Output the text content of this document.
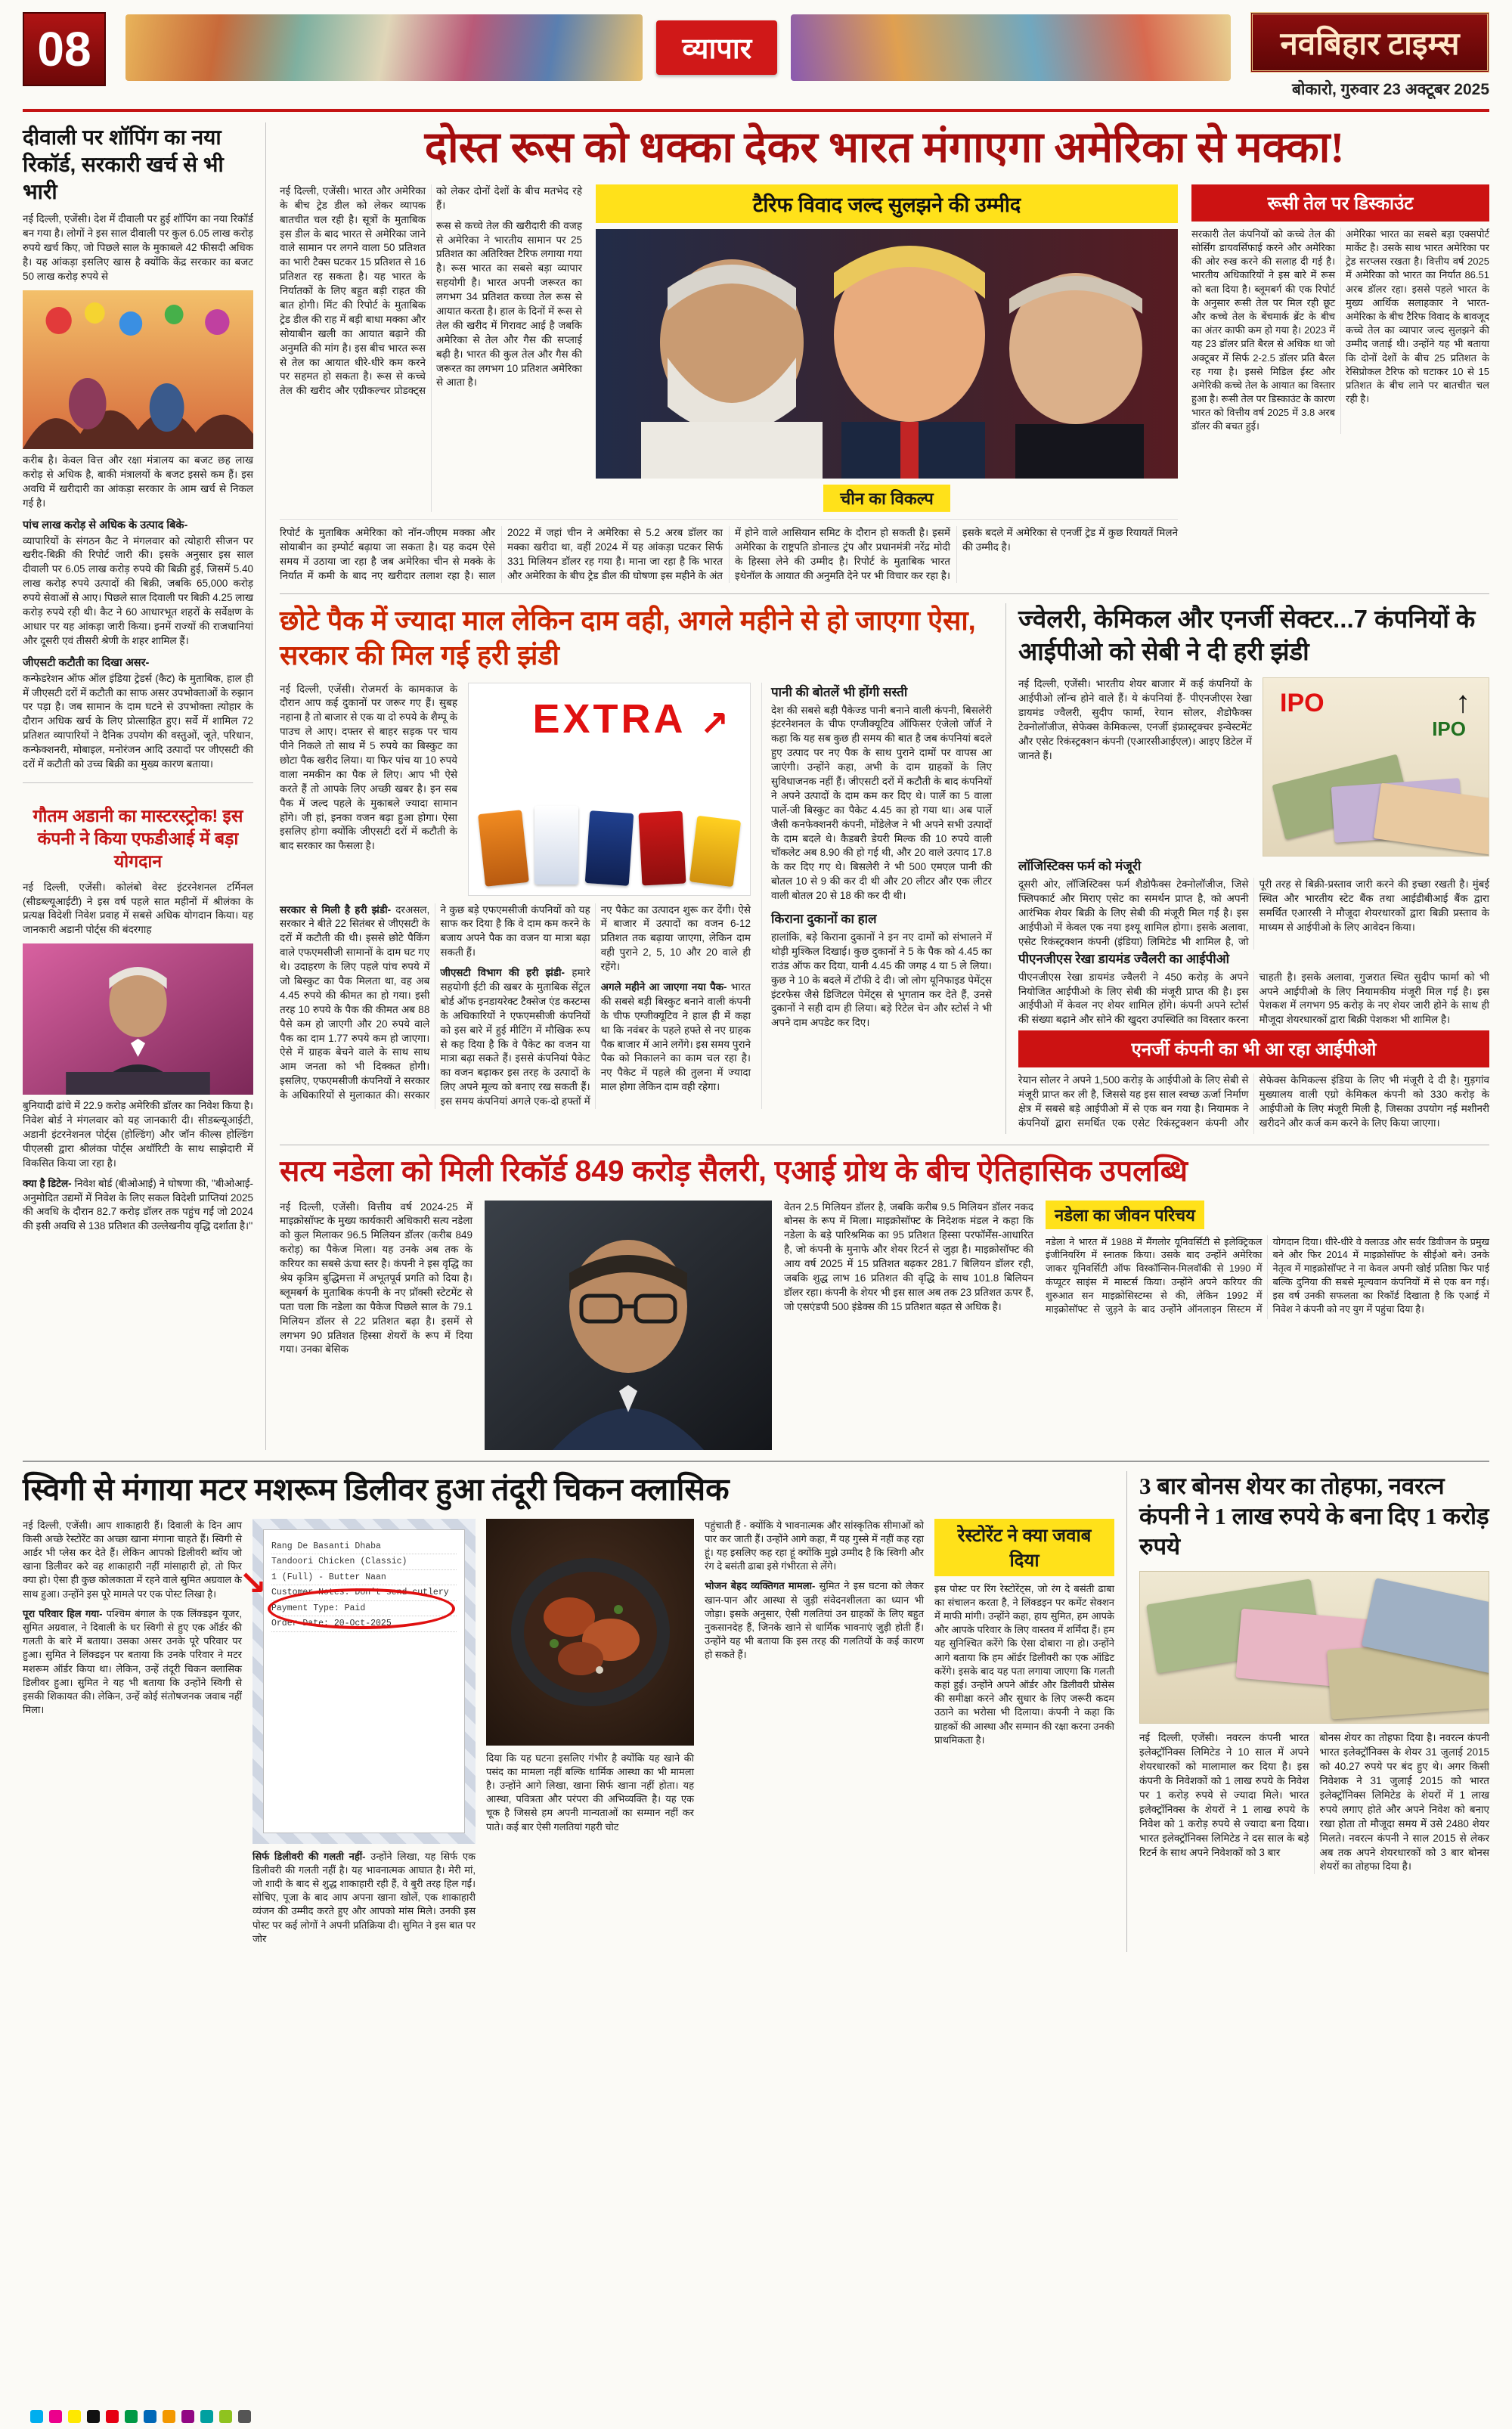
08	व्यापार	नवबिहार टाइम्स
बोकारो, गुरुवार 23 अक्टूबर 2025
दीवाली पर शॉपिंग का नया रिकॉर्ड, सरकारी खर्च से भी भारी

नई दिल्ली, एजेंसी। देश में दीवाली पर हुई शॉपिंग का नया रिकॉर्ड बन गया है। लोगों ने इस साल दीवाली पर कुल 6.05 लाख करोड़ रुपये खर्च किए, जो पिछले साल के मुकाबले 42 फीसदी अधिक है। यह आंकड़ा इसलिए खास है क्योंकि केंद्र सरकार का बजट 50 लाख करोड़ रुपये से

करीब है। केवल वित्त और रक्षा मंत्रालय का बजट छह लाख करोड़ से अधिक है, बाकी मंत्रालयों के बजट इससे कम हैं। इस अवधि में खरीदारी का आंकड़ा सरकार के आम खर्च से निकल गई है।

पांच लाख करोड़ से अधिक के उत्पाद बिके-

व्यापारियों के संगठन कैट ने मंगलवार को त्योहारी सीजन पर खरीद-बिक्री की रिपोर्ट जारी की। इसके अनुसार इस साल दीवाली पर 6.05 लाख करोड़ रुपये की बिक्री हुई, जिसमें 5.40 लाख करोड़ रुपये उत्पादों की बिक्री, जबकि 65,000 करोड़ रुपये सेवाओं से आए। पिछले साल दिवाली पर बिक्री 4.25 लाख करोड़ रुपये रही थी। कैट ने 60 आधारभूत शहरों के सर्वेक्षण के आधार पर यह आंकड़ा जारी किया। इनमें राज्यों की राजधानियां और दूसरी एवं तीसरी श्रेणी के शहर शामिल हैं।

जीएसटी कटौती का दिखा असर-

कन्फेडरेशन ऑफ ऑल इंडिया ट्रेडर्स (कैट) के मुताबिक, हाल ही में जीएसटी दरों में कटौती का साफ असर उपभोक्ताओं के रुझान पर पड़ा है। जब सामान के दाम घटने से उपभोक्ता त्योहार के दौरान अधिक खर्च के लिए प्रोत्साहित हुए। सर्वे में शामिल 72 प्रतिशत व्यापारियों ने दैनिक उपयोग की वस्तुओं, जूते, परिधान, कन्फेक्शनरी, मोबाइल, मनोरंजन आदि उत्पादों पर जीएसटी की दरों में कटौती को उच्च बिक्री का मुख्य कारण बताया।

गौतम अडानी का मास्टरस्ट्रोक! इस कंपनी ने किया एफडीआई में बड़ा योगदान

नई दिल्ली, एजेंसी। कोलंबो वेस्ट इंटरनेशनल टर्मिनल (सीडब्ल्यूआईटी) ने इस वर्ष पहले सात महीनों में श्रीलंका के प्रत्यक्ष विदेशी निवेश प्रवाह में सबसे अधिक योगदान किया। यह जानकारी अडानी पोर्ट्स की बंदरगाह

बुनियादी ढांचे में 22.9 करोड़ अमेरिकी डॉलर का निवेश किया है। निवेश बोर्ड ने मंगलवार को यह जानकारी दी। सीडब्ल्यूआईटी, अडानी इंटरनेशनल पोर्ट्स (होल्डिंग) और जॉन कील्स होल्डिंग पीएलसी द्वारा श्रीलंका पोर्ट्स अथॉरिटी के साथ साझेदारी में विकसित किया जा रहा है।

क्या है डिटेल- निवेश बोर्ड (बीओआई) ने घोषणा की, ''बीओआई-अनुमोदित उद्यमों में निवेश के लिए सकल विदेशी प्राप्तियां 2025 की अवधि के दौरान 82.7 करोड़ डॉलर तक पहुंच गईं जो 2024 की इसी अवधि से 138 प्रतिशत की उल्लेखनीय वृद्धि दर्शाता है।''

दोस्त रूस को धक्का देकर भारत मंगाएगा अमेरिका से मक्का!

नई दिल्ली, एजेंसी। भारत और अमेरिका के बीच ट्रेड डील को लेकर व्यापक बातचीत चल रही है। सूत्रों के मुताबिक इस डील के बाद भारत से अमेरिका जाने वाले सामान पर लगने वाला 50 प्रतिशत का भारी टैक्स घटकर 15 प्रतिशत से 16 प्रतिशत रह सकता है। यह भारत के निर्यातकों के लिए बहुत बड़ी राहत की बात होगी। मिंट की रिपोर्ट के मुताबिक ट्रेड डील की राह में बड़ी बाधा मक्का और सोयाबीन खली का आयात बढ़ाने की अनुमति की मांग है। इस बीच भारत रूस से तेल का आयात धीरे-धीरे कम करने पर सहमत हो सकता है। रूस से कच्चे तेल की खरीद और एग्रीकल्चर प्रोडक्ट्स को लेकर दोनों देशों के बीच मतभेद रहे हैं।

रूस से कच्चे तेल की खरीदारी की वजह से अमेरिका ने भारतीय सामान पर 25 प्रतिशत का अतिरिक्त टैरिफ लगाया गया है। रूस भारत का सबसे बड़ा व्यापार सहयोगी है। भारत अपनी जरूरत का लगभग 34 प्रतिशत कच्चा तेल रूस से आयात करता है। हाल के दिनों में रूस से तेल की खरीद में गिरावट आई है जबकि अमेरिका से तेल और गैस की सप्लाई बढ़ी है। भारत की कुल तेल और गैस की जरूरत का लगभग 10 प्रतिशत अमेरिका से आता है।

टैरिफ विवाद जल्द सुलझने की उम्मीद
चीन का विकल्प
रूसी तेल पर डिस्काउंट

सरकारी तेल कंपनियों को कच्चे तेल की सोर्सिंग डायवर्सिफाई करने और अमेरिका की ओर रुख करने की सलाह दी गई है। भारतीय अधिकारियों ने इस बारे में रूस को बता दिया है। ब्लूमबर्ग की एक रिपोर्ट के अनुसार रूसी तेल पर मिल रही छूट और कच्चे तेल के बेंचमार्क ब्रेंट के बीच का अंतर काफी कम हो गया है। 2023 में यह 23 डॉलर प्रति बैरल से अधिक था जो अक्टूबर में सिर्फ 2-2.5 डॉलर प्रति बैरल रह गया है। इससे मिडिल ईस्ट और अमेरिकी कच्चे तेल के आयात का विस्तार हुआ है। रूसी तेल पर डिस्काउंट के कारण भारत को वित्तीय वर्ष 2025 में 3.8 अरब डॉलर की बचत हुई।

अमेरिका भारत का सबसे बड़ा एक्सपोर्ट मार्केट है। उसके साथ भारत अमेरिका पर ट्रेड सरप्लस रखता है। वित्तीय वर्ष 2025 में अमेरिका को भारत का निर्यात 86.51 अरब डॉलर रहा। इससे पहले भारत के मुख्य आर्थिक सलाहकार ने भारत-अमेरिका के बीच टैरिफ विवाद के बावजूद कच्चे तेल का व्यापार जल्द सुलझने की उम्मीद जताई थी। उन्होंने यह भी बताया कि दोनों देशों के बीच 25 प्रतिशत के रेसिप्रोकल टैरिफ को घटाकर 10 से 15 प्रतिशत के बीच लाने पर बातचीत चल रही है।

रिपोर्ट के मुताबिक अमेरिका को नॉन-जीएम मक्का और सोयाबीन का इम्पोर्ट बढ़ाया जा सकता है। यह कदम ऐसे समय में उठाया जा रहा है जब अमेरिका चीन से मक्के के निर्यात में कमी के बाद नए खरीदार तलाश रहा है। साल 2022 में जहां चीन ने अमेरिका से 5.2 अरब डॉलर का मक्का खरीदा था, वहीं 2024 में यह आंकड़ा घटकर सिर्फ 331 मिलियन डॉलर रह गया है। माना जा रहा है कि भारत और अमेरिका के बीच ट्रेड डील की घोषणा इस महीने के अंत में होने वाले आसियान समिट के दौरान हो सकती है। इसमें अमेरिका के राष्ट्रपति डोनाल्ड ट्रंप और प्रधानमंत्री नरेंद्र मोदी के हिस्सा लेने की उम्मीद है। रिपोर्ट के मुताबिक भारत इथेनॉल के आयात की अनुमति देने पर भी विचार कर रहा है। इसके बदले में अमेरिका से एनर्जी ट्रेड में कुछ रियायतें मिलने की उम्मीद है।

छोटे पैक में ज्यादा माल लेकिन दाम वही, अगले महीने से हो जाएगा ऐसा, सरकार की मिल गई हरी झंडी

नई दिल्ली, एजेंसी। रोजमर्रा के कामकाज के दौरान आप कई दुकानों पर जरूर गए हैं। सुबह नहाना है तो बाजार से एक या दो रुपये के शैम्पू के पाउच ले आए। दफ्तर से बाहर सड़क पर चाय पीने निकले तो साथ में 5 रुपये का बिस्कुट का छोटा पैक खरीद लिया। या फिर पांच या 10 रुपये वाला नमकीन का पैक ले लिए। आप भी ऐसे करते हैं तो आपके लिए अच्छी खबर है। इन सब पैक में जल्द पहले के मुकाबले ज्यादा सामान होंगे। जी हां, इनका वजन बढ़ा हुआ होगा। ऐसा इसलिए होगा क्योंकि जीएसटी दरों में कटौती के बाद सरकार का फैसला है।

EXTRA ↗

सरकार से मिली है हरी झंडी- दरअसल, सरकार ने बीते 22 सितंबर से जीएसटी के दरों में कटौती की थी। इससे छोटे पैकिंग वाले एफएमसीजी सामानों के दाम घट गए थे। उदाहरण के लिए पहले पांच रुपये में जो बिस्कुट का पैक मिलता था, वह अब 4.45 रुपये की कीमत का हो गया। इसी तरह 10 रुपये के पैक की कीमत अब 88 पैसे कम हो जाएगी और 20 रुपये वाले पैक का दाम 1.77 रुपये कम हो जाएगा। ऐसे में ग्राहक बेचने वाले के साथ साथ आम जनता को भी दिक्कत होगी। इसलिए, एफएमसीजी कंपनियों ने सरकार के अधिकारियों से मुलाकात की। सरकार ने कुछ बड़े एफएमसीजी कंपनियों को यह साफ कर दिया है कि वे दाम कम करने के बजाय अपने पैक का वजन या मात्रा बढ़ा सकती हैं।

जीएसटी विभाग की हरी झंडी- हमारे सहयोगी ईटी की खबर के मुताबिक सेंट्रल बोर्ड ऑफ इनडायरेक्ट टैक्सेज एंड कस्टम्स के अधिकारियों ने एफएमसीजी कंपनियों को इस बारे में हुई मीटिंग में मौखिक रूप से कह दिया है कि वे पैकेट का वजन या मात्रा बढ़ा सकते हैं। इससे कंपनियां पैकेट का वजन बढ़ाकर इस तरह के उत्पादों के लिए अपने मूल्य को बनाए रख सकती हैं। इस समय कंपनियां अगले एक-दो हफ्तों में नए पैकेट का उत्पादन शुरू कर देंगी। ऐसे में बाजार में उत्पादों का वजन 6-12 प्रतिशत तक बढ़ाया जाएगा, लेकिन दाम वही पुराने 2, 5, 10 और 20 वाले ही रहेंगे।

अगले महीने आ जाएगा नया पैक- भारत की सबसे बड़ी बिस्कुट बनाने वाली कंपनी के चीफ एग्जीक्यूटिव ने हाल ही में कहा था कि नवंबर के पहले हफ्ते से नए ग्राहक पैक बाजार में आने लगेंगे। इस समय पुराने पैक को निकालने का काम चल रहा है। नए पैकेट में पहले की तुलना में ज्यादा माल होगा लेकिन दाम वही रहेगा।

पानी की बोतलें भी होंगी सस्ती

देश की सबसे बड़ी पैकेज्ड पानी बनाने वाली कंपनी, बिसलेरी इंटरनेशनल के चीफ एग्जीक्यूटिव ऑफिसर एंजेलो जॉर्ज ने कहा कि यह सब कुछ ही समय की बात है जब कंपनियां बदले हुए उत्पाद पर नए पैक के साथ पुराने दामों पर वापस आ जाएंगी। उन्होंने कहा, अभी के दाम ग्राहकों के लिए सुविधाजनक नहीं हैं। जीएसटी दरों में कटौती के बाद कंपनियों ने अपने उत्पादों के दाम कम कर दिए थे। पार्ले का 5 वाला पार्ले-जी बिस्कुट का पैकेट 4.45 का हो गया था। अब पार्ले जैसी कनफेक्शनरी कंपनी, मोंडेलेज ने भी अपने सभी उत्पादों के दाम बदले थे। कैडबरी डेयरी मिल्क की 10 रुपये वाली चॉकलेट अब 8.90 की हो गई थी, और 20 वाले उत्पाद 17.8 के कर दिए गए थे। बिसलेरी ने भी 500 एमएल पानी की बोतल 10 से 9 की कर दी थी और 20 लीटर और एक लीटर वाली बोतल 20 से 18 की कर दी थी।

किराना दुकानों का हाल

हालांकि, बड़े किराना दुकानों ने इन नए दामों को संभालने में थोड़ी मुश्किल दिखाई। कुछ दुकानों ने 5 के पैक को 4.45 का राउंड ऑफ कर दिया, यानी 4.45 की जगह 4 या 5 ले लिया। कुछ ने 10 के बदले में टॉफी दे दी। जो लोग यूनिफाइड पेमेंट्स इंटरफेस जैसे डिजिटल पेमेंट्स से भुगतान कर देते हैं, उनसे दुकानों ने सही दाम ही लिया। बड़े रिटेल चेन और स्टोर्स ने भी अपने दाम अपडेट कर दिए।

ज्वेलरी, केमिकल और एनर्जी सेक्टर...7 कंपनियों के आईपीओ को सेबी ने दी हरी झंडी

नई दिल्ली, एजेंसी। भारतीय शेयर बाजार में कई कंपनियों के आईपीओ लॉन्च होने वाले हैं। ये कंपनियां हैं- पीएनजीएस रेखा डायमंड ज्वैलरी, सुदीप फार्मा, रेयान सोलर, शैडोफैक्स टेक्नोलॉजीज, सेफेक्स केमिकल्स, एनर्जी इंफ्रास्ट्रक्चर इन्वेस्टमेंट और एसेट रिकंस्ट्रक्शन कंपनी (एआरसीआईएल)। आइए डिटेल में जानते हैं।

IPO
IPO
↑
लॉजिस्टिक्स फर्म को मंजूरी

दूसरी ओर, लॉजिस्टिक्स फर्म शैडोफैक्स टेक्नोलॉजीज, जिसे फ्लिपकार्ट और मिराए एसेट का समर्थन प्राप्त है, को अपनी आरंभिक शेयर बिक्री के लिए सेबी की मंजूरी मिल गई है। इस आईपीओ में केवल एक नया इश्यू शामिल होगा। इसके अलावा, एसेट रिकंस्ट्रक्शन कंपनी (इंडिया) लिमिटेड भी शामिल है, जो पूरी तरह से बिक्री-प्रस्ताव जारी करने की इच्छा रखती है। मुंबई स्थित और भारतीय स्टेट बैंक तथा आईडीबीआई बैंक द्वारा समर्थित एआरसी ने मौजूदा शेयरधारकों द्वारा बिक्री प्रस्ताव के माध्यम से आईपीओ के लिए आवेदन किया।

पीएनजीएस रेखा डायमंड ज्वैलरी का आईपीओ

पीएनजीएस रेखा डायमंड ज्वैलरी ने 450 करोड़ के अपने नियोजित आईपीओ के लिए सेबी की मंजूरी प्राप्त की है। इस आईपीओ में केवल नए शेयर शामिल होंगे। कंपनी अपने स्टोर्स की संख्या बढ़ाने और सोने की खुदरा उपस्थिति का विस्तार करना चाहती है। इसके अलावा, गुजरात स्थित सुदीप फार्मा को भी अपने आईपीओ के लिए नियामकीय मंजूरी मिल गई है। इस पेशकश में लगभग 95 करोड़ के नए शेयर जारी होने के साथ ही मौजूदा शेयरधारकों द्वारा बिक्री पेशकश भी शामिल है।

एनर्जी कंपनी का भी आ रहा आईपीओ

रेयान सोलर ने अपने 1,500 करोड़ के आईपीओ के लिए सेबी से मंजूरी प्राप्त कर ली है, जिससे यह इस साल स्वच्छ ऊर्जा निर्माण क्षेत्र में सबसे बड़े आईपीओ में से एक बन गया है। नियामक ने कंपनियों द्वारा समर्थित एक एसेट रिकंस्ट्रक्शन कंपनी और सेफेक्स केमिकल्स इंडिया के लिए भी मंजूरी दे दी है। गुड़गांव मुख्यालय वाली एग्रो केमिकल कंपनी को 330 करोड़ के आईपीओ के लिए मंजूरी मिली है, जिसका उपयोग नई मशीनरी खरीदने और कर्ज कम करने के लिए किया जाएगा।

सत्य नडेला को मिली रिकॉर्ड 849 करोड़ सैलरी, एआई ग्रोथ के बीच ऐतिहासिक उपलब्धि

नई दिल्ली, एजेंसी। वित्तीय वर्ष 2024-25 में माइक्रोसॉफ्ट के मुख्य कार्यकारी अधिकारी सत्य नडेला को कुल मिलाकर 96.5 मिलियन डॉलर (करीब 849 करोड़) का पैकेज मिला। यह उनके अब तक के करियर का सबसे ऊंचा स्तर है। कंपनी ने इस वृद्धि का श्रेय कृत्रिम बुद्धिमत्ता में अभूतपूर्व प्रगति को दिया है। ब्लूमबर्ग के मुताबिक कंपनी के नए प्रॉक्सी स्टेटमेंट से पता चला कि नडेला का पैकेज पिछले साल के 79.1 मिलियन डॉलर से 22 प्रतिशत बढ़ा है। इसमें से लगभग 90 प्रतिशत हिस्सा शेयरों के रूप में दिया गया। उनका बेसिक

वेतन 2.5 मिलियन डॉलर है, जबकि करीब 9.5 मिलियन डॉलर नकद बोनस के रूप में मिला। माइक्रोसॉफ्ट के निदेशक मंडल ने कहा कि नडेला के बड़े पारिश्रमिक का 95 प्रतिशत हिस्सा परफॉर्मेंस-आधारित है, जो कंपनी के मुनाफे और शेयर रिटर्न से जुड़ा है। माइक्रोसॉफ्ट की आय वर्ष 2025 में 15 प्रतिशत बढ़कर 281.7 बिलियन डॉलर रही, जबकि शुद्ध लाभ 16 प्रतिशत की वृद्धि के साथ 101.8 बिलियन डॉलर रहा। कंपनी के शेयर भी इस साल अब तक 23 प्रतिशत ऊपर हैं, जो एसएंडपी 500 इंडेक्स की 15 प्रतिशत बढ़त से अधिक है।

नडेला का जीवन परिचय

नडेला ने भारत में 1988 में मैंगलोर यूनिवर्सिटी से इलेक्ट्रिकल इंजीनियरिंग में स्नातक किया। उसके बाद उन्होंने अमेरिका जाकर यूनिवर्सिटी ऑफ विस्कॉन्सिन-मिलवॉकी से 1990 में कंप्यूटर साइंस में मास्टर्स किया। उन्होंने अपने करियर की शुरुआत सन माइक्रोसिस्टम्स से की, लेकिन 1992 में माइक्रोसॉफ्ट से जुड़ने के बाद उन्होंने ऑनलाइन सिस्टम में योगदान दिया। धीरे-धीरे वे क्लाउड और सर्वर डिवीजन के प्रमुख बने और फिर 2014 में माइक्रोसॉफ्ट के सीईओ बने। उनके नेतृत्व में माइक्रोसॉफ्ट ने ना केवल अपनी खोई प्रतिष्ठा फिर पाई बल्कि दुनिया की सबसे मूल्यवान कंपनियों में से एक बन गई। इस वर्ष उनकी सफलता का रिकॉर्ड दिखाता है कि एआई में निवेश ने कंपनी को नए युग में पहुंचा दिया है।

स्विगी से मंगाया मटर मशरूम डिलीवर हुआ तंदूरी चिकन क्लासिक

नई दिल्ली, एजेंसी। आप शाकाहारी हैं। दिवाली के दिन आप किसी अच्छे रेस्टोरेंट का अच्छा खाना मंगाना चाहते हैं। स्विगी से आर्डर भी प्लेस कर देते हैं। लेकिन आपको डिलीवरी ब्वॉय जो खाना डिलीवर करे वह शाकाहारी नहीं मांसाहारी हो, तो फिर क्या हो। ऐसा ही कुछ कोलकाता में रहने वाले सुमित अग्रवाल के साथ हुआ। उन्होंने इस पूरे मामले पर एक पोस्ट लिखा है।

पूरा परिवार हिल गया- पश्चिम बंगाल के एक लिंक्डइन यूजर, सुमित अग्रवाल, ने दिवाली के घर स्विगी से हुए एक ऑर्डर की गलती के बारे में बताया। उसका असर उनके पूरे परिवार पर हुआ। सुमित ने लिंक्डइन पर बताया कि उनके परिवार ने मटर मशरूम ऑर्डर किया था। लेकिन, उन्हें तंदूरी चिकन क्लासिक डिलीवर हुआ। सुमित ने यह भी बताया कि उन्होंने स्विगी से इसकी शिकायत की। लेकिन, उन्हें कोई संतोषजनक जवाब नहीं मिला।

Rang De Basanti Dhaba
Tandoori Chicken (Classic)
1 (Full) - Butter Naan
Customer Notes: Don't send cutlery
Payment Type: Paid
Order Date: 20-Oct-2025
↘

सिर्फ डिलीवरी की गलती नहीं- उन्होंने लिखा, यह सिर्फ एक डिलीवरी की गलती नहीं है। यह भावनात्मक आघात है। मेरी मां, जो शादी के बाद से शुद्ध शाकाहारी रही हैं, वे बुरी तरह हिल गईं। सोचिए, पूजा के बाद आप अपना खाना खोलें, एक शाकाहारी व्यंजन की उम्मीद करते हुए और आपको मांस मिले। उनकी इस पोस्ट पर कई लोगों ने अपनी प्रतिक्रिया दी। सुमित ने इस बात पर जोर

दिया कि यह घटना इसलिए गंभीर है क्योंकि यह खाने की पसंद का मामला नहीं बल्कि धार्मिक आस्था का भी मामला है। उन्होंने आगे लिखा, खाना सिर्फ खाना नहीं होता। यह आस्था, पवित्रता और परंपरा की अभिव्यक्ति है। यह एक चूक है जिससे हम अपनी मान्यताओं का सम्मान नहीं कर पाते। कई बार ऐसी गलतियां गहरी चोट

पहुंचाती हैं - क्योंकि ये भावनात्मक और सांस्कृतिक सीमाओं को पार कर जाती हैं। उन्होंने आगे कहा, मैं यह गुस्से में नहीं कह रहा हूं। यह इसलिए कह रहा हूं क्योंकि मुझे उम्मीद है कि स्विगी और रंग दे बसंती ढाबा इसे गंभीरता से लेंगे।

भोजन बेहद व्यक्तिगत मामला- सुमित ने इस घटना को लेकर खान-पान और आस्था से जुड़ी संवेदनशीलता का ध्यान भी जोड़ा। इसके अनुसार, ऐसी गलतियां उन ग्राहकों के लिए बहुत नुकसानदेह हैं, जिनके खाने से धार्मिक भावनाएं जुड़ी होती हैं। उन्होंने यह भी बताया कि इस तरह की गलतियों के कई कारण हो सकते हैं।

रेस्टोरेंट ने क्या जवाब दिया

इस पोस्ट पर रिंग रेस्टोरेंट्स, जो रंग दे बसंती ढाबा का संचालन करता है, ने लिंक्डइन पर कमेंट सेक्शन में माफी मांगी। उन्होंने कहा, हाय सुमित, हम आपके और आपके परिवार के लिए वास्तव में शर्मिंदा हैं। हम यह सुनिश्चित करेंगे कि ऐसा दोबारा ना हो। उन्होंने आगे बताया कि हम ऑर्डर डिलीवरी का एक ऑडिट करेंगे। इसके बाद यह पता लगाया जाएगा कि गलती कहां हुई। उन्होंने अपने ऑर्डर और डिलीवरी प्रोसेस की समीक्षा करने और सुधार के लिए जरूरी कदम उठाने का भरोसा भी दिलाया। कंपनी ने कहा कि ग्राहकों की आस्था और सम्मान की रक्षा करना उनकी प्राथमिकता है।

3 बार बोनस शेयर का तोहफा, नवरत्न कंपनी ने 1 लाख रुपये के बना दिए 1 करोड़ रुपये

नई दिल्ली, एजेंसी। नवरत्न कंपनी भारत इलेक्ट्रॉनिक्स लिमिटेड ने 10 साल में अपने शेयरधारकों को मालामाल कर दिया है। इस कंपनी के निवेशकों को 1 लाख रुपये के निवेश पर 1 करोड़ रुपये से ज्यादा मिले। भारत इलेक्ट्रॉनिक्स के शेयरों ने 1 लाख रुपये के निवेश को 1 करोड़ रुपये से ज्यादा बना दिया। भारत इलेक्ट्रॉनिक्स लिमिटेड ने दस साल के बड़े रिटर्न के साथ अपने निवेशकों को 3 बार

बोनस शेयर का तोहफा दिया है। नवरत्न कंपनी भारत इलेक्ट्रॉनिक्स के शेयर 31 जुलाई 2015 को 40.27 रुपये पर बंद हुए थे। अगर किसी निवेशक ने 31 जुलाई 2015 को भारत इलेक्ट्रॉनिक्स लिमिटेड के शेयरों में 1 लाख रुपये लगाए होते और अपने निवेश को बनाए रखा होता तो मौजूदा समय में उसे 2480 शेयर मिलते। नवरत्न कंपनी ने साल 2015 से लेकर अब तक अपने शेयरधारकों को 3 बार बोनस शेयरों का तोहफा दिया है।
